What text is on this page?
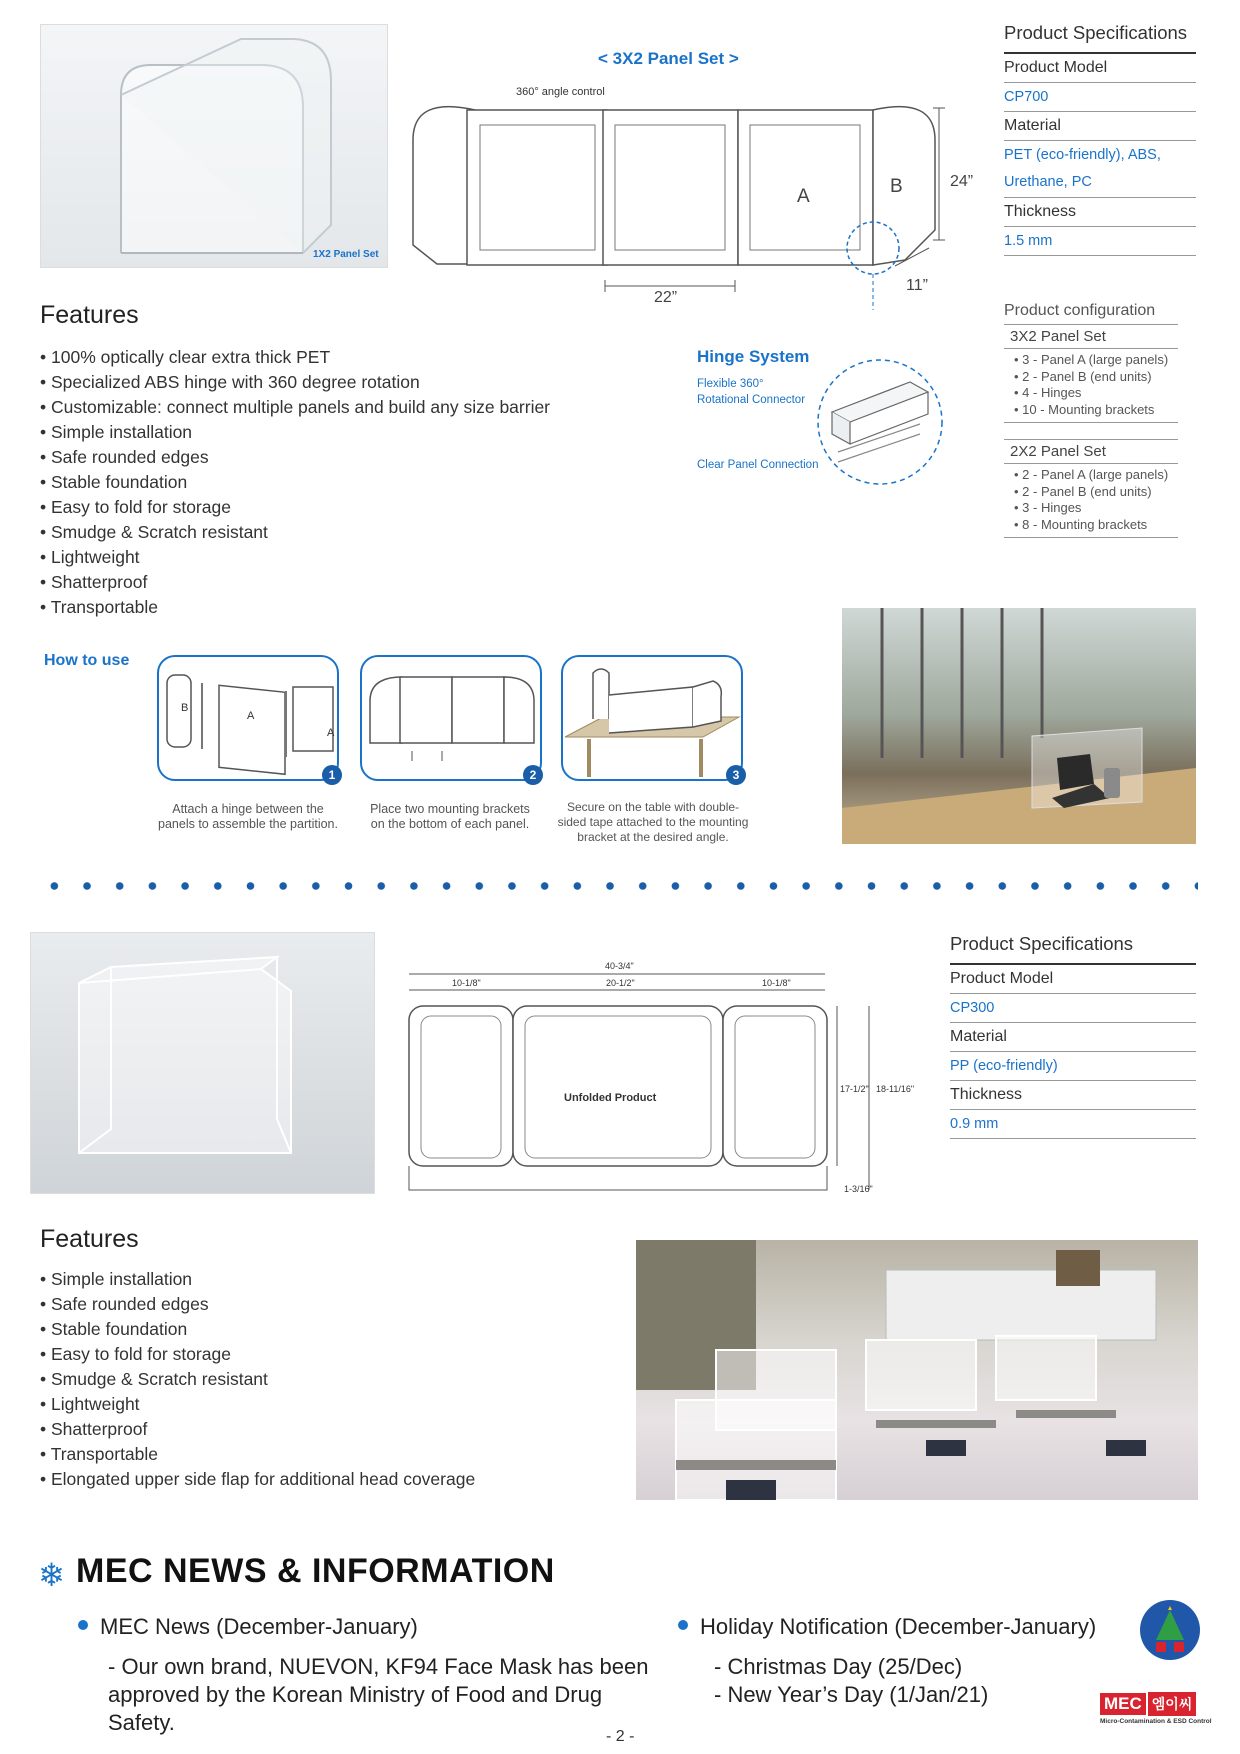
1X2 Panel Set
< 3X2 Panel Set >
360° angle control
A	B	24”
22”
11”
Hinge System
Flexible 360°
Rotational Connector
Clear Panel Connection
Product Specifications
Product Model
CP700
Material
PET (eco-friendly), ABS,
Urethane, PC
Thickness
1.5 mm
Product configuration
3X2 Panel Set
• 3 - Panel A (large panels)
• 2 - Panel B (end units)
• 4 - Hinges
• 10 - Mounting brackets
2X2 Panel Set
• 2 - Panel A (large panels)
• 2 - Panel B (end units)
• 3 - Hinges
• 8 - Mounting brackets
Features
• 100% optically clear extra thick PET
• Specialized ABS hinge with 360 degree rotation
• Customizable: connect multiple panels and build any size barrier
• Simple installation
• Safe rounded edges
• Stable foundation
• Easy to fold for storage
• Smudge & Scratch resistant
• Lightweight
• Shatterproof
• Transportable
How to use
B
A
A
1
Attach a hinge between the
panels to assemble the partition.
2
Place two mounting brackets
on the bottom of each panel.
3
Secure on the table with double-
sided tape attached to the mounting
bracket at the desired angle.
40-3/4"
10-1/8"	20-1/2"	10-1/8"
Unfolded Product
17-1/2" 18-11/16"
1-3/16"
Product Specifications
Product Model
CP300
Material
PP (eco-friendly)
Thickness
0.9 mm
Features
• Simple installation
• Safe rounded edges
• Stable foundation
• Easy to fold for storage
• Smudge & Scratch resistant
• Lightweight
• Shatterproof
• Transportable
• Elongated upper side flap for additional head coverage
❄ MEC NEWS & INFORMATION
MEC News (December-January)
- Our own brand, NUEVON, KF94 Face Mask has been
approved by the Korean Ministry of Food and Drug
Safety.
Holiday Notification (December-January)
- Christmas Day (25/Dec)
- New Year’s Day (1/Jan/21)
- 2 -
MEC 엠이씨
Micro-Contamination & ESD Control
